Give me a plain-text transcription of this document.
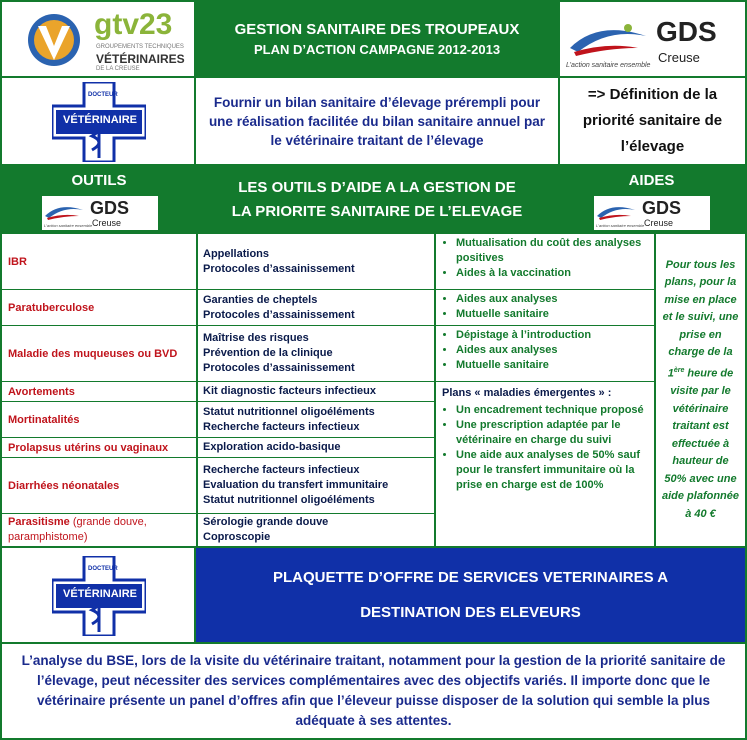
gtv23
GROUPEMENTS TECHNIQUES
VÉTÉRINAIRES
DE LA CREUSE
GESTION SANITAIRE DES TROUPEAUX
PLAN D’ACTION CAMPAGNE 2012-2013
GDS
Creuse
L’action sanitaire ensemble
DOCTEUR
VÉTÉRINAIRE
Fournir un bilan sanitaire d’élevage prérempli pour une réalisation facilitée du bilan sanitaire annuel par le vétérinaire traitant de l’élevage
=> Définition de la priorité sanitaire de l’élevage
OUTILS
GDS
Creuse
L’action sanitaire ensemble
LES OUTILS D’AIDE A LA GESTION DE
LA PRIORITE SANITAIRE DE L’ELEVAGE
AIDES
GDS
Creuse
L’action sanitaire ensemble
IBR
Appellations
Protocoles d’assainissement
Paratuberculose
Garanties de cheptels
Protocoles d’assainissement
Maladie des muqueuses ou BVD
Maîtrise des risques
Prévention de la clinique
Protocoles d’assainissement
Avortements	Kit diagnostic facteurs infectieux
Mortinatalités
Statut nutritionnel oligoéléments
Recherche facteurs infectieux
Prolapsus utérins ou vaginaux	Exploration acido-basique
Diarrhées néonatales
Recherche facteurs infectieux
Evaluation du transfert immunitaire
Statut nutritionnel oligoéléments
Parasitisme (grande douve, paramphistome)
Sérologie grande douve
Coproscopie
• Mutualisation du coût des analyses positives
• Aides à la vaccination
• Aides aux analyses
• Mutuelle sanitaire
• Dépistage à l’introduction
• Aides aux analyses
• Mutuelle sanitaire
Plans « maladies émergentes » :
• Un encadrement technique proposé
• Une prescription adaptée par le vétérinaire en charge du suivi
• Une aide aux analyses de 50% sauf pour le transfert immunitaire où la prise en charge est de 100%
Pour tous les plans, pour la mise en place et le suivi, une prise en charge de la 1ère heure de visite par le vétérinaire traitant est effectuée à hauteur de 50% avec une aide plafonnée à 40 €
DOCTEUR
VÉTÉRINAIRE
PLAQUETTE D’OFFRE DE SERVICES VETERINAIRES A
DESTINATION DES ELEVEURS
L’analyse du BSE, lors de la visite du vétérinaire traitant, notamment pour la gestion de la priorité sanitaire de l’élevage, peut nécessiter des services complémentaires avec des objectifs variés. Il importe donc que le vétérinaire présente un panel d’offres afin que l’éleveur puisse disposer de la solution qui semble la plus adéquate à ses attentes.
